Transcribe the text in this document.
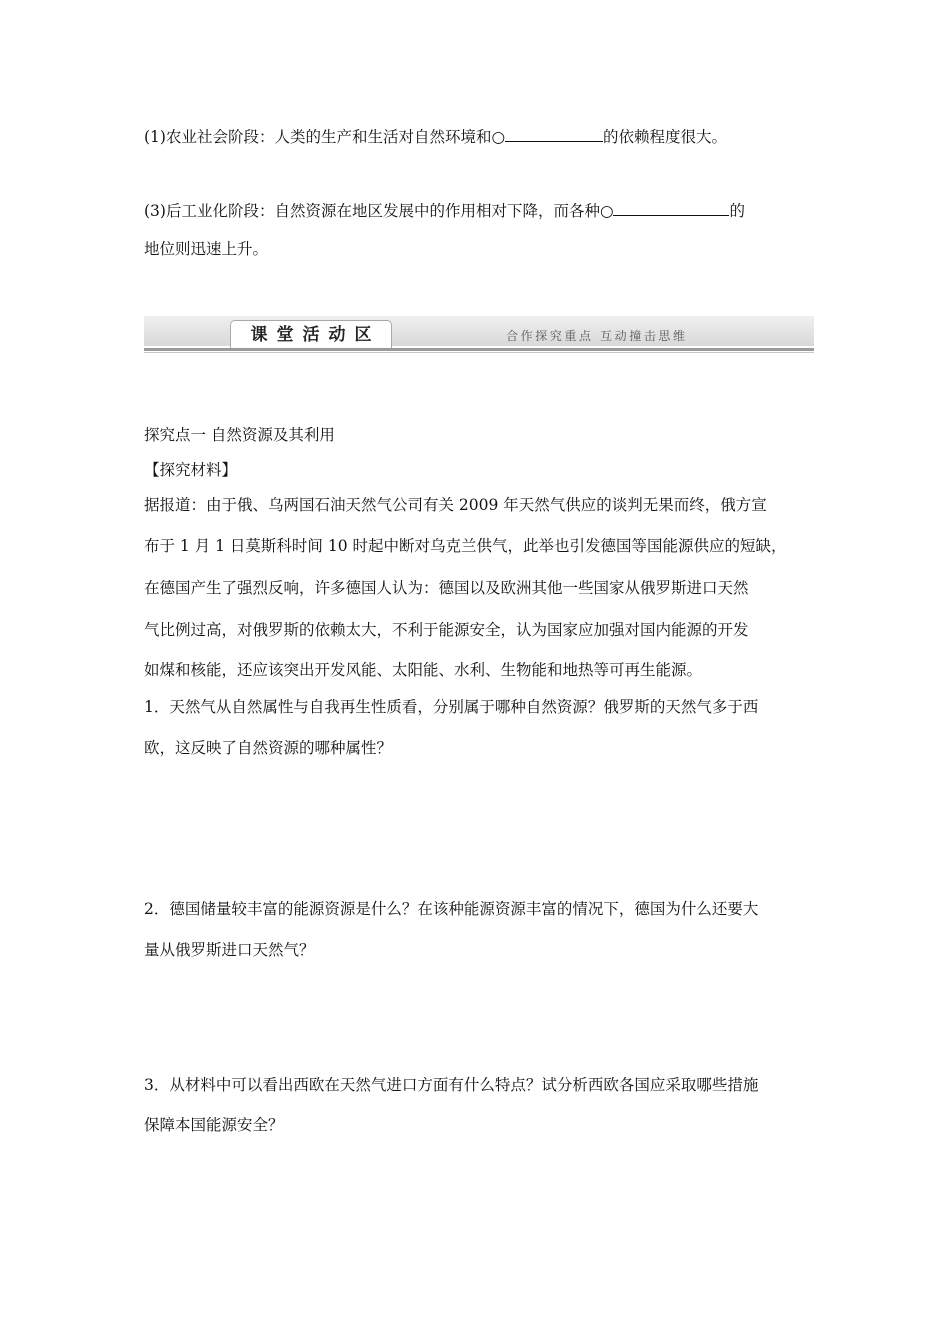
(1)农业社会阶段：人类的生产和生活对自然环境和○	的依赖程度很大。
(3)后工业化阶段：自然资源在地区发展中的作用相对下降，而各种○	的
地位则迅速上升。
课堂活动区	合作探究重点 互动撞击思维
探究点一 自然资源及其利用
【探究材料】
据报道：由于俄、乌两国石油天然气公司有关 2009 年天然气供应的谈判无果而终，俄方宣
布于 1 月 1 日莫斯科时间 10 时起中断对乌克兰供气，此举也引发德国等国能源供应的短缺，
在德国产生了强烈反响，许多德国人认为：德国以及欧洲其他一些国家从俄罗斯进口天然
气比例过高，对俄罗斯的依赖太大，不利于能源安全，认为国家应加强对国内能源的开发
如煤和核能，还应该突出开发风能、太阳能、水利、生物能和地热等可再生能源。
1．天然气从自然属性与自我再生性质看，分别属于哪种自然资源？俄罗斯的天然气多于西
欧，这反映了自然资源的哪种属性？
2．德国储量较丰富的能源资源是什么？在该种能源资源丰富的情况下，德国为什么还要大
量从俄罗斯进口天然气？
3．从材料中可以看出西欧在天然气进口方面有什么特点？试分析西欧各国应采取哪些措施
保障本国能源安全？
